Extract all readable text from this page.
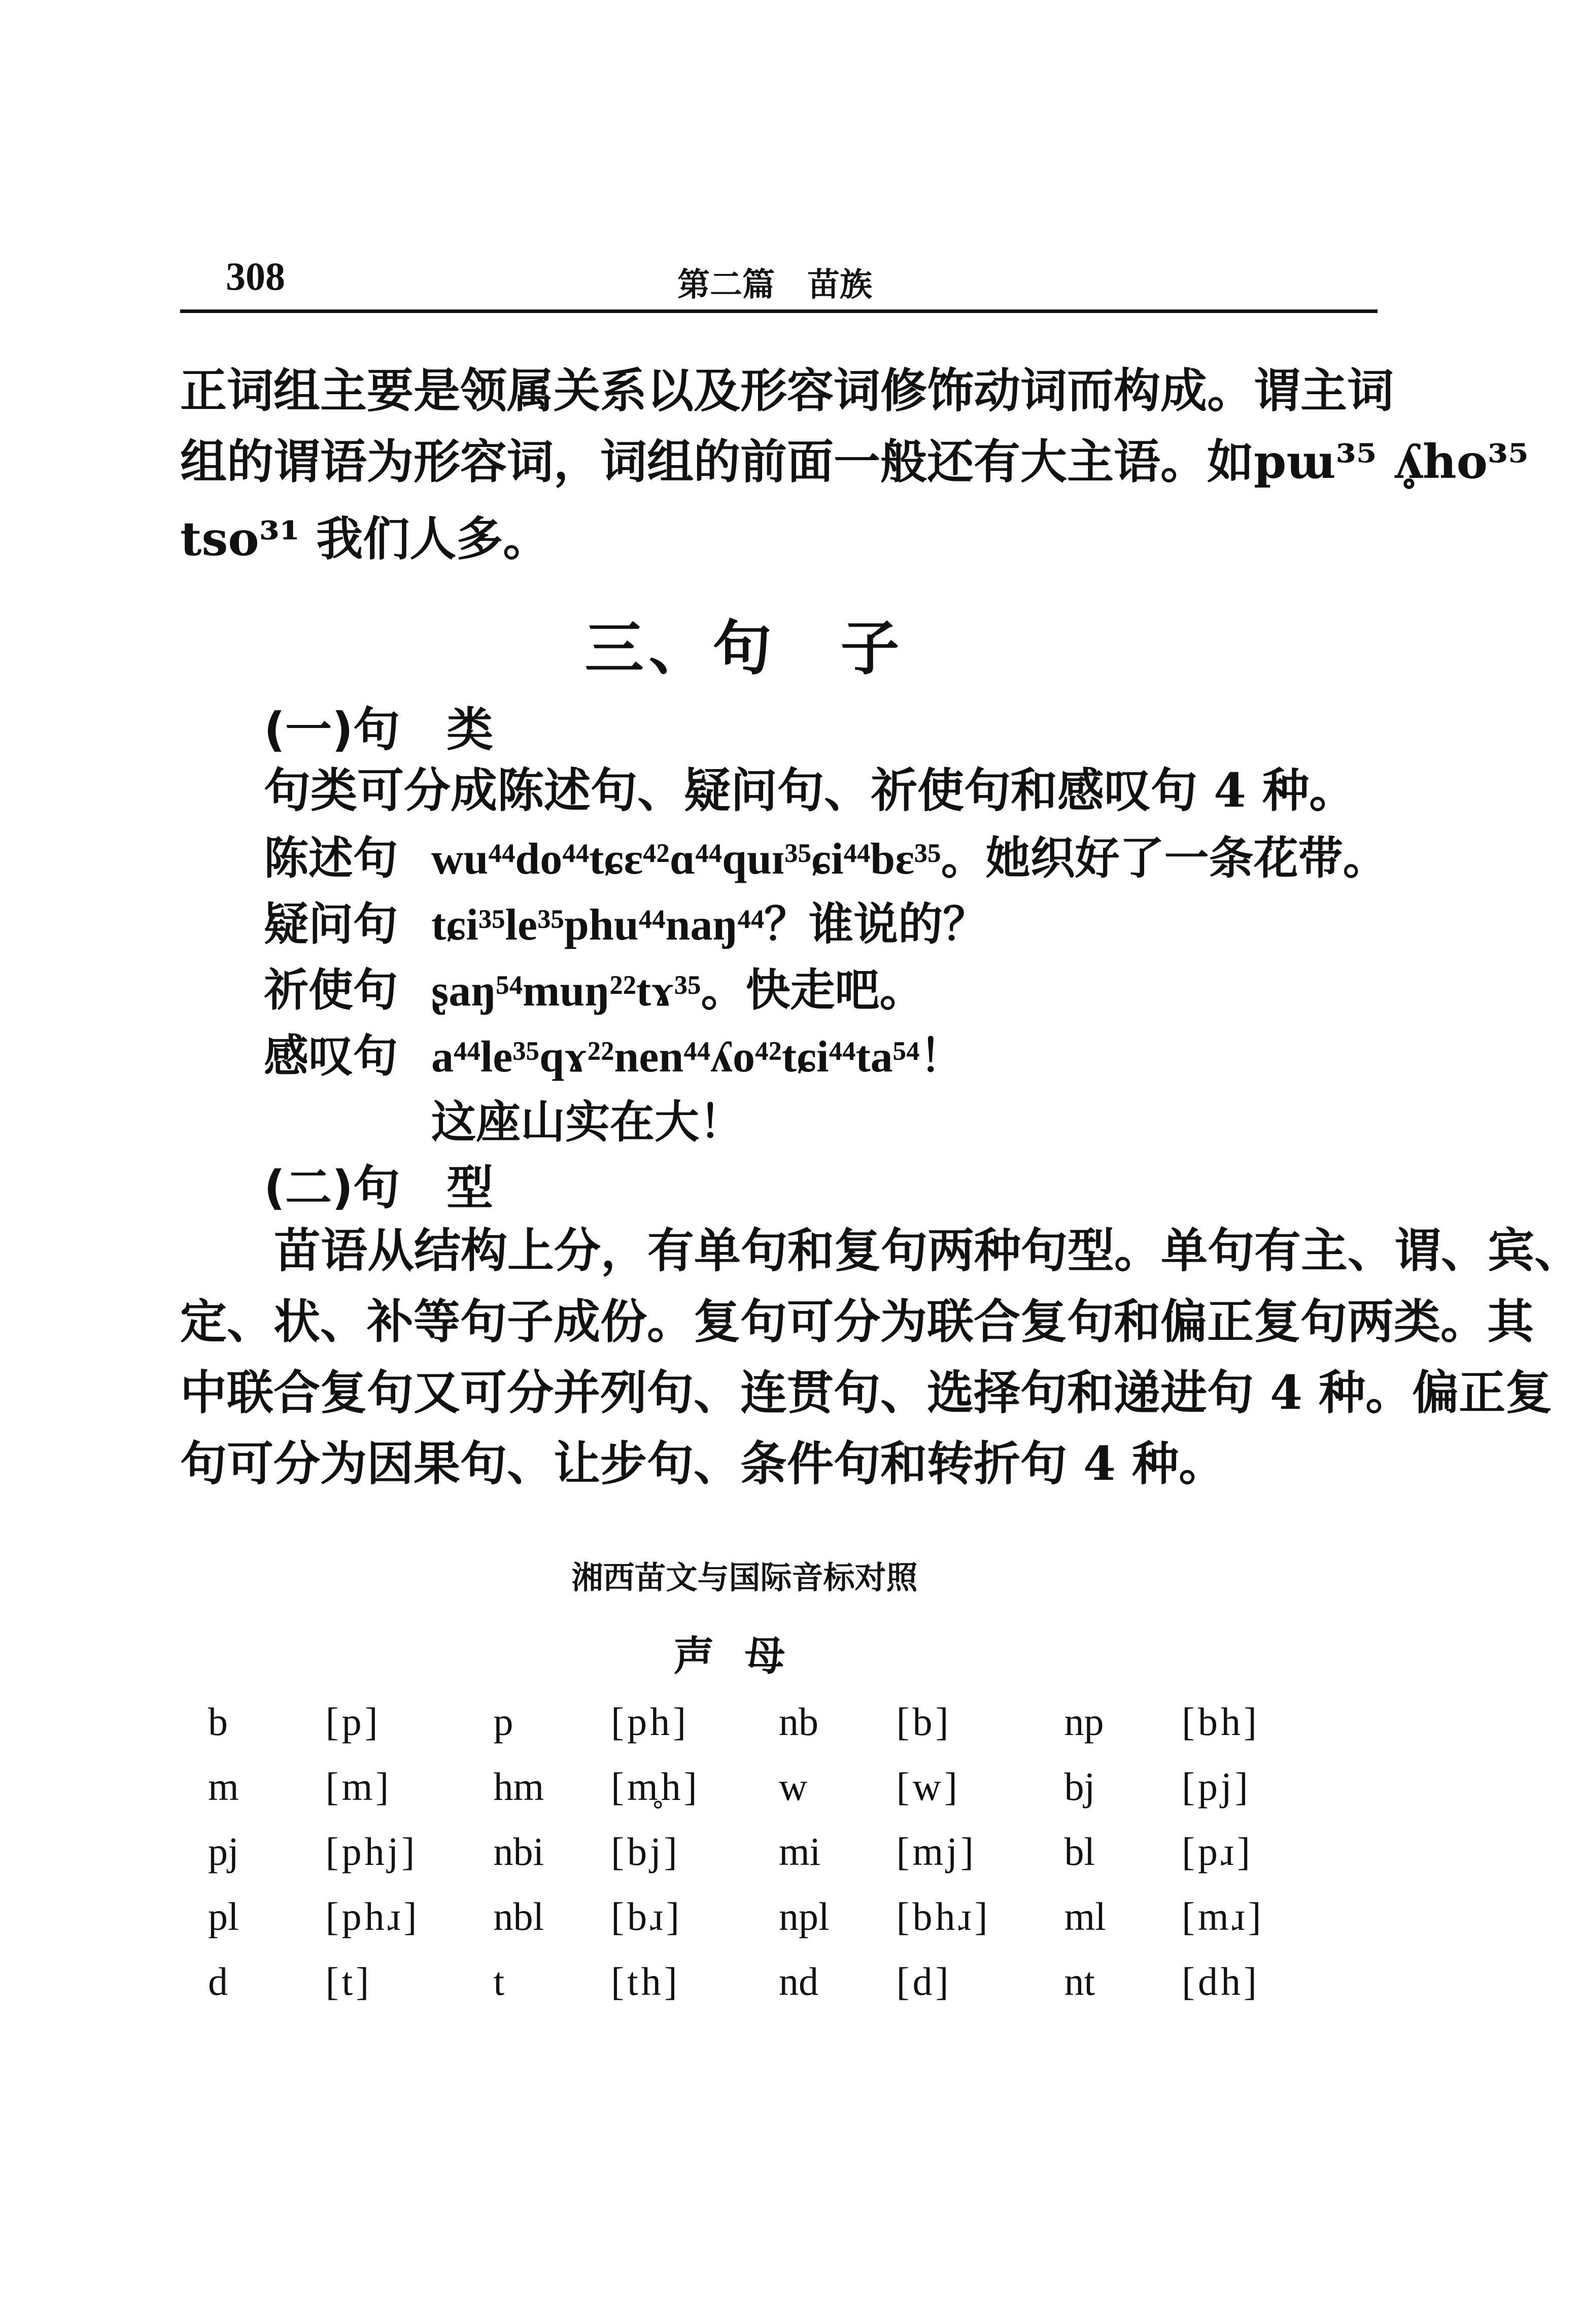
308	第二篇　苗族
正词组主要是领属关系以及形容词修饰动词而构成。谓主词
组的谓语为形容词，词组的前面一般还有大主语。如pɯ³⁵ ʎ̥ho³⁵
tso³¹ 我们人多。
三、句　子
(一)句　类
句类可分成陈述句、疑问句、祈使句和感叹句 4 种。
陈述句 wu⁴⁴do⁴⁴tɕɛ⁴²ɑ⁴⁴quɪ³⁵ɕi⁴⁴bɛ³⁵。她织好了一条花带。
疑问句 tɕi³⁵le³⁵phu⁴⁴naŋ⁴⁴？谁说的？
祈使句 ʂaŋ⁵⁴muŋ²²tɤ³⁵。快走吧。
感叹句 a⁴⁴le³⁵qɤ²²nen⁴⁴ʎo⁴²tɕi⁴⁴ta⁵⁴！
这座山实在大！
(二)句　型
苗语从结构上分，有单句和复句两种句型。单句有主、谓、宾、
定、状、补等句子成份。复句可分为联合复句和偏正复句两类。其
中联合复句又可分并列句、连贯句、选择句和递进句 4 种。偏正复
句可分为因果句、让步句、条件句和转折句 4 种。
湘西苗文与国际音标对照
声母
b	[p]	p	[ph]	nb	[b]	np	[bh]
m	[m]	hm	[m̥h]	w	[w]	bj	[pj]
pj	[phj]	nbi	[bj]	mi	[mj]	bl	[pɹ]
pl	[phɹ]	nbl	[bɹ]	npl	[bhɹ]	ml	[mɹ]
d	[t]	t	[th]	nd	[d]	nt	[dh]
